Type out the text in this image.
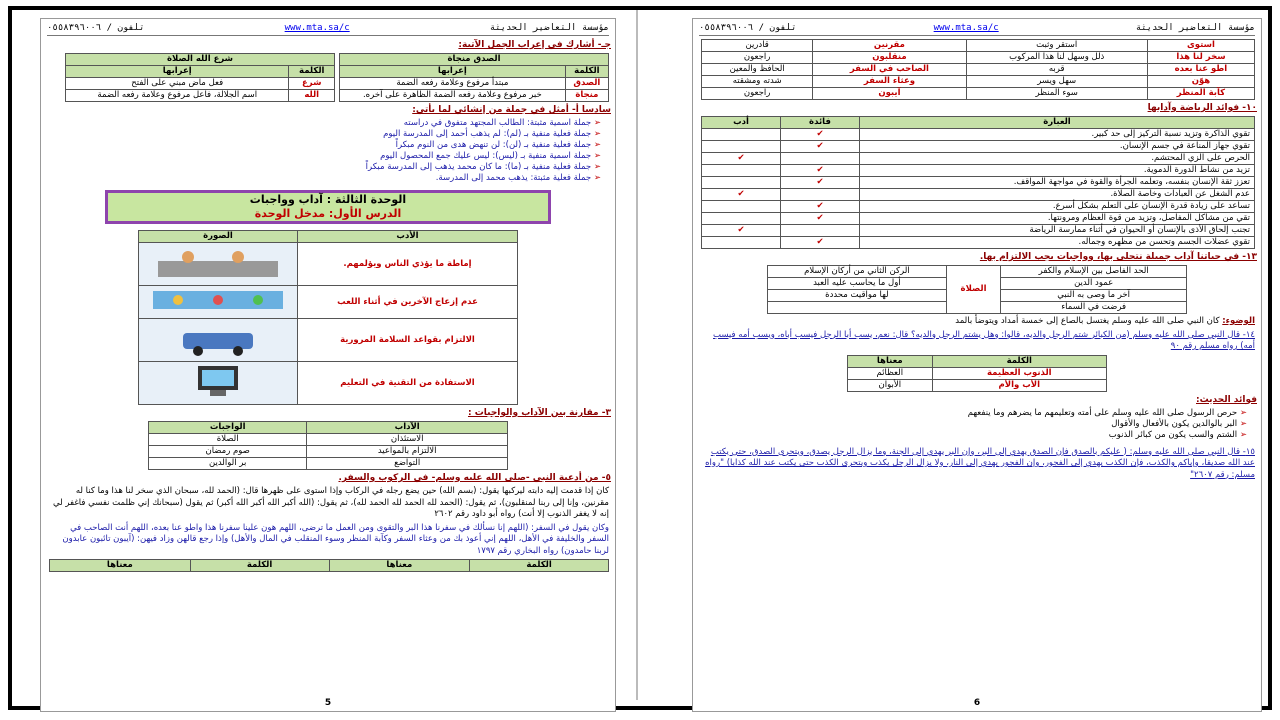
تلفون / ٠٥٥٨٣٩٦٠٠٦	www.mta.sa/c	مؤسسة التعاضير الحديثة
جـ- أشارك في إعراب الجمل الآتية:
الصدق منجاة	
الكلمة	إعرابها
الصدق	مبتدأ مرفوع وعلامة رفعه الضمة
منجاة	خبر مرفوع وعلامة رفعه الضمة الظاهرة على آخره.
شرع الله الصلاة	
الكلمة	إعرابها
شرع	فعل ماض مبني على الفتح
الله	اسم الجلالة، فاعل مرفوع وعلامة رفعه الضمة
سادسا أ- أمثل في جملة من إنشائي لما يأتي:
➢ جملة اسمية مثبتة: الطالب المجتهد متفوق في دراسته
➢ جملة فعلية منفية بـ (لم): لم يذهب أحمد إلى المدرسة اليوم
➢ جملة فعلية منفية بـ (لن): لن تنهض هدى من النوم مبكراً
➢ جملة اسمية منفية بـ (ليس): ليس عليك جمع المحصول اليوم
➢ جملة فعلية منفية بـ (ما): ما كان محمد يذهب إلى المدرسة مبكراً
➢ جملة فعلية مثبتة: يذهب محمد إلى المدرسة.
الوحدة الثالثة : آداب وواجبات
الدرس الأول: مدخل الوحدة
الأدب	الصورة
إماطة ما يؤذي الناس ويؤلمهم.	
عدم إزعاج الآخرين في أثناء اللعب	
الالتزام بقواعد السلامة المرورية	
الاستفادة من التقنية في التعليم	
٣- مقارنة بين الآداب والواجبات :
الآداب	الواجبات
الاستئذان	الصلاة
الالتزام بالمواعيد	صوم رمضان
التواضع	بر الوالدين
٥- من أدعية النبي -صلى الله عليه وسلم- في الركوب والسفر.
كان إذا قدمت إليه دابته ليركبها يقول: (بسم الله) حين يضع رجله في الركاب وإذا استوى على ظهرها قال: (الحمد لله، سبحان الذي سخر لنا هذا وما كنا له مقرنين، وإنا إلى ربنا لمنقلبون)، ثم يقول: (الحمد لله الحمد لله الحمد لله)، ثم يقول: (الله أكبر الله أكبر الله أكبر) ثم يقول (سبحانك إني ظلمت نفسي فاغفر لي إنه لا يغفر الذنوب إلا أنت) رواه أبو داود رقم ٢٦٠٢
وكان يقول في السفر: (اللهم إنا نسألك في سفرنا هذا البر والتقوى ومن العمل ما ترضى، اللهم هون علينا سفرنا هذا واطو عنا بعده، اللهم أنت الصاحب في السفر والخليفة في الأهل، اللهم إني أعوذ بك من وعثاء السفر وكآبة المنظر وسوء المنقلب في المال والأهل) وإذا رجع قالهن وزاد فيهن: (آيبون تائبون عابدون لربنا حامدون) رواه البخاري رقم ١٧٩٧
الكلمة	معناها	الكلمة	معناها
5
تلفون / ٠٥٥٨٣٩٦٠٠٦	www.mta.sa/c	مؤسسة التعاضير الحديثة
استوى	استقر وثبت	مقرنين	قادرين
سخر لنا هذا	ذلل وسهل لنا هذا المركوب	منقلبون	راجعون
اطو عنا بعده	قربه	الصاحب في السفر	الحافظ والمعين
هوّن	سهل ويسر	وعثاء السفر	شدته ومشقته
كآبة المنظر	سوء المنظر	آيبون	راجعون
١٠- فوائد الرياضة وآدابها
العبارة	فائدة	أدب
تقوي الذاكرة وتزيد نسبة التركيز إلى حد كبير.	✔	
تقوي جهاز المناعة في جسم الإنسان.	✔	
الحرص على الزي المحتشم.		✔
تزيد من نشاط الدورة الدموية.	✔	
تعزز ثقة الإنسان بنفسه، وتعلمه الجرأة والقوة في مواجهة المواقف.	✔	
عدم الشغل عن العبادات وخاصة الصلاة.		✔
تساعد على زيادة قدرة الإنسان على التعلم بشكل أسرع.	✔	
تقي من مشاكل المفاصل، وتزيد من قوة العظام ومرونتها.	✔	
تجنب إلحاق الأذى بالإنسان أو الحيوان في أثناء ممارسة الرياضة		✔
تقوي عضلات الجسم وتحسن من مظهره وجماله.	✔	
١٣- في حياتنا آداب جميلة نتحلى بها، وواجبات يجب الالتزام بها.
الحد الفاصل بين الإسلام والكفر	الصلاة	الركن الثاني من أركان الإسلام
عمود الدين		أول ما يحاسب عليه العبد
آخر ما وصى به النبي		لها مواقيت محددة
فرضت في السماء		
الوضوء: كان النبي صلى الله عليه وسلم يغتسل بالصاع إلى خمسة أمداد ويتوضأ بالمد
١٤- قال النبي صلى الله عليه وسلم (من الكبائر شتم الرجل والديه، قالوا: وهل يشتم الرجل والديه؟ قال: نعم، يسب أبا الرجل فيسب أباه، ويسب أمه فيسب أمه) رواه مسلم رقم ٩٠
الكلمة	معناها
الذنوب العظيمة	العظائم
الأب والأم	الأبوان
فوائد الحديث:
➢ حرص الرسول صلى الله عليه وسلم على أمته وتعليمهم ما يضرهم وما ينفعهم
➢ البر بالوالدين يكون بالأفعال والأقوال
➢ الشتم والسب يكون من كبائر الذنوب
١٥- قال النبي صلى الله عليه وسلم: ( عليكم بالصدق فإن الصدق يهدي إلى البر، وإن البر يهدي إلى الجنة، وما يزال الرجل يصدق، ويتحرى الصدق، حتى يكتب عند الله صديقا، وإياكم والكذب، فإن الكذب يهدي إلى الفجور، وإن الفجور يهدي إلى النار، ولا يزال الرجل يكذب ويتحرى الكذب حتى يكتب عند الله كذابا) "رواه مسلم: رقم ٢٦٠٧"
6
